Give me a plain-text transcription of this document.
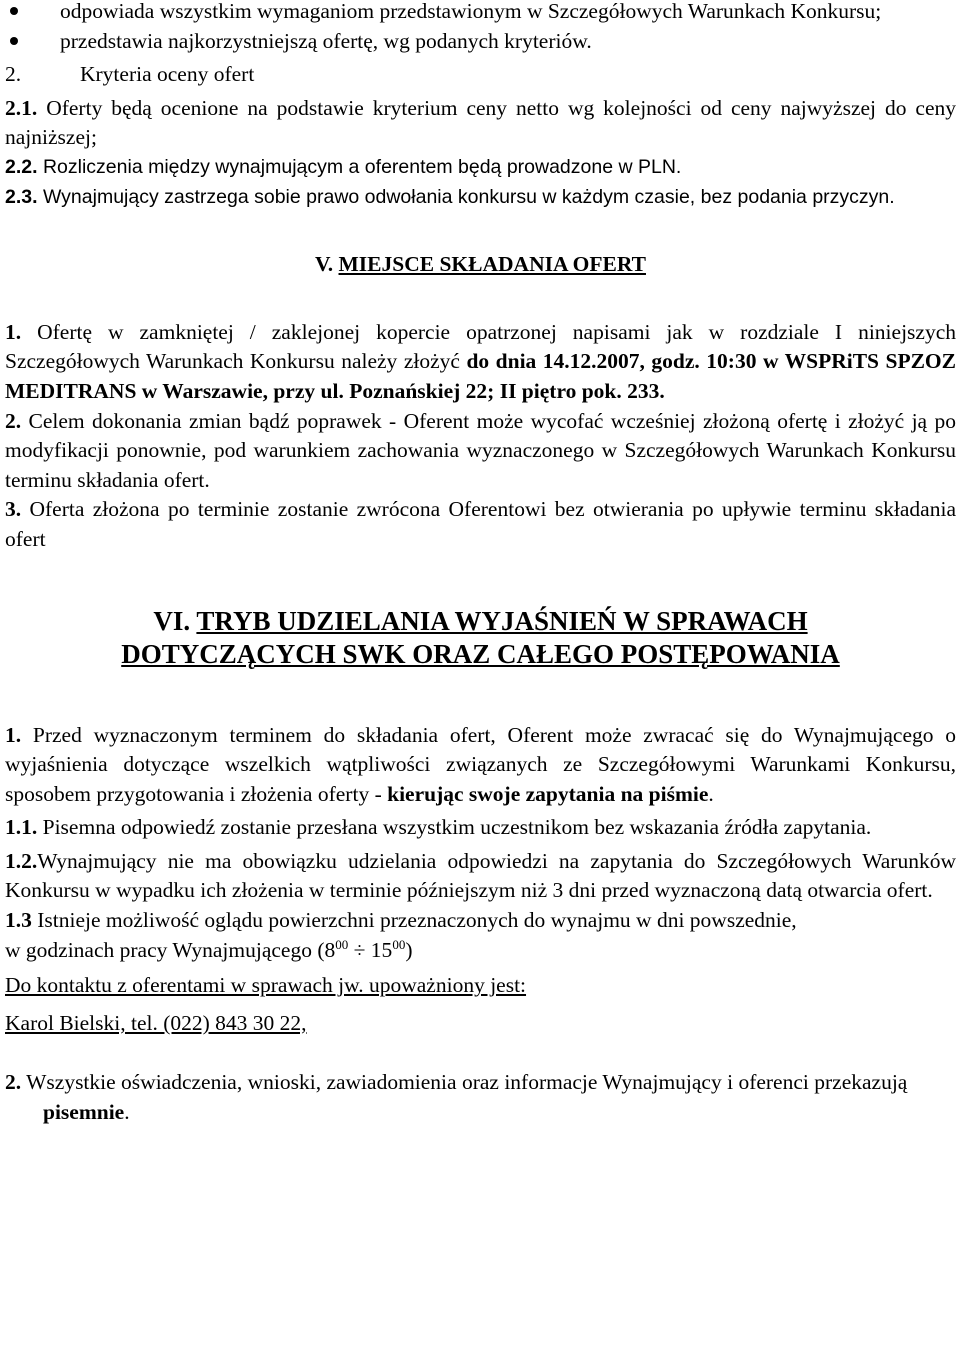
odpowiada wszystkim wymaganiom przedstawionym w Szczegółowych Warunkach Konkursu;
przedstawia najkorzystniejszą ofertę, wg podanych kryteriów.

2.	Kryteria oceny ofert

2.1. Oferty będą ocenione na podstawie kryterium ceny netto wg kolejności od ceny najwyższej do ceny najniższej;

2.2. Rozliczenia między wynajmującym a oferentem będą prowadzone w PLN.

2.3. Wynajmujący zastrzega sobie prawo odwołania konkursu w każdym czasie, bez podania przyczyn.

V. MIEJSCE SKŁADANIA OFERT

1. Ofertę w zamkniętej / zaklejonej kopercie opatrzonej napisami jak w rozdziale I niniejszych Szczegółowych Warunkach Konkursu należy złożyć do dnia 14.12.2007, godz. 10:30 w WSPRiTS SPZOZ MEDITRANS w Warszawie, przy ul. Poznańskiej 22; II piętro pok. 233.

2. Celem dokonania zmian bądź poprawek - Oferent może wycofać wcześniej złożoną ofertę i złożyć ją po modyfikacji ponownie, pod warunkiem zachowania wyznaczonego w Szczegółowych Warunkach Konkursu terminu składania ofert.

3. Oferta złożona po terminie zostanie zwrócona Oferentowi bez otwierania po upływie terminu składania ofert

VI. TRYB UDZIELANIA WYJAŚNIEŃ W SPRAWACH
DOTYCZĄCYCH SWK ORAZ CAŁEGO POSTĘPOWANIA

1. Przed wyznaczonym terminem do składania ofert, Oferent może zwracać się do Wynajmującego o wyjaśnienia dotyczące wszelkich wątpliwości związanych ze Szczegółowymi Warunkami Konkursu, sposobem przygotowania i złożenia oferty - kierując swoje zapytania na piśmie.

1.1. Pisemna odpowiedź zostanie przesłana wszystkim uczestnikom bez wskazania źródła zapytania.

1.2.Wynajmujący nie ma obowiązku udzielania odpowiedzi na zapytania do Szczegółowych Warunków Konkursu w wypadku ich złożenia w terminie późniejszym niż 3 dni przed wyznaczoną datą otwarcia ofert.

1.3 Istnieje możliwość oglądu powierzchni przeznaczonych do wynajmu w dni powszednie,
w godzinach pracy Wynajmującego $(8^{00} \div 15^{00})$

Do kontaktu z oferentami w sprawach jw. upoważniony jest:

Karol Bielski, tel. (022) 843 30 22,

2. Wszystkie oświadczenia, wnioski, zawiadomienia oraz informacje Wynajmujący i oferenci przekazują pisemnie.
